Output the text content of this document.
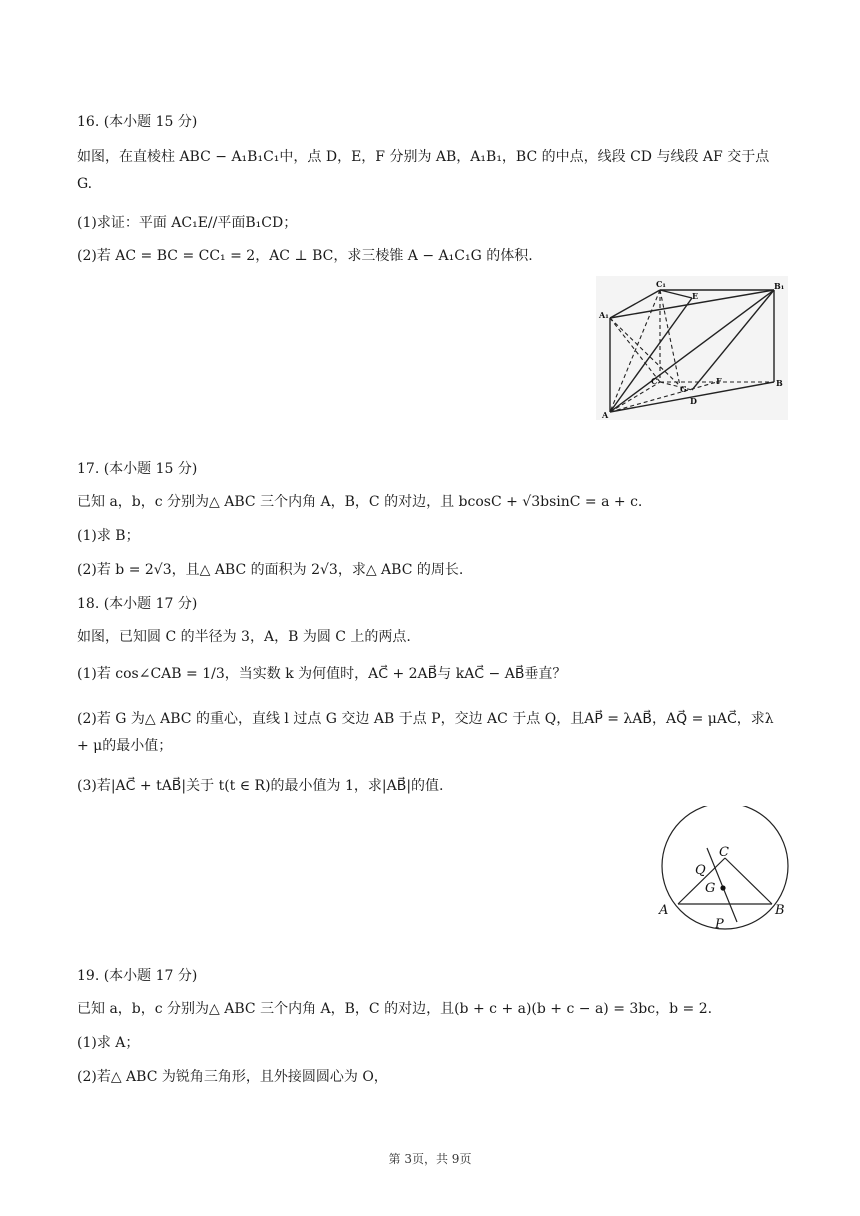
16. (本小题 15 分)
如图，在直棱柱 ABC − A₁B₁C₁中，点 D，E，F 分别为 AB，A₁B₁，BC 的中点，线段 CD 与线段 AF 交于点 G.
(1)求证：平面 AC₁E//平面B₁CD；
(2)若 AC = BC = CC₁ = 2，AC ⊥ BC，求三棱锥 A − A₁C₁G 的体积.
C₁
E
B₁
A₁
C
G
F	B
A
D
17. (本小题 15 分)
已知 a，b，c 分别为△ ABC 三个内角 A，B，C 的对边，且 bcosC + √3bsinC = a + c.
(1)求 B；
(2)若 b = 2√3，且△ ABC 的面积为 2√3，求△ ABC 的周长.
18. (本小题 17 分)
如图，已知圆 C 的半径为 3，A，B 为圆 C 上的两点.
(1)若 cos∠CAB = 1/3，当实数 k 为何值时，AC⃗ + 2AB⃗与 kAC⃗ − AB⃗垂直？
(2)若 G 为△ ABC 的重心，直线 l 过点 G 交边 AB 于点 P，交边 AC 于点 Q，且AP⃗ = λAB⃗，AQ⃗ = μAC⃗，求λ + μ的最小值；
(3)若|AC⃗ + tAB⃗|关于 t(t ∈ R)的最小值为 1，求|AB⃗|的值.
C
Q
G
A
P
B
19. (本小题 17 分)
已知 a，b，c 分别为△ ABC 三个内角 A，B，C 的对边，且(b + c + a)(b + c − a) = 3bc，b = 2.
(1)求 A；
(2)若△ ABC 为锐角三角形，且外接圆圆心为 O，
第 3页，共 9页
